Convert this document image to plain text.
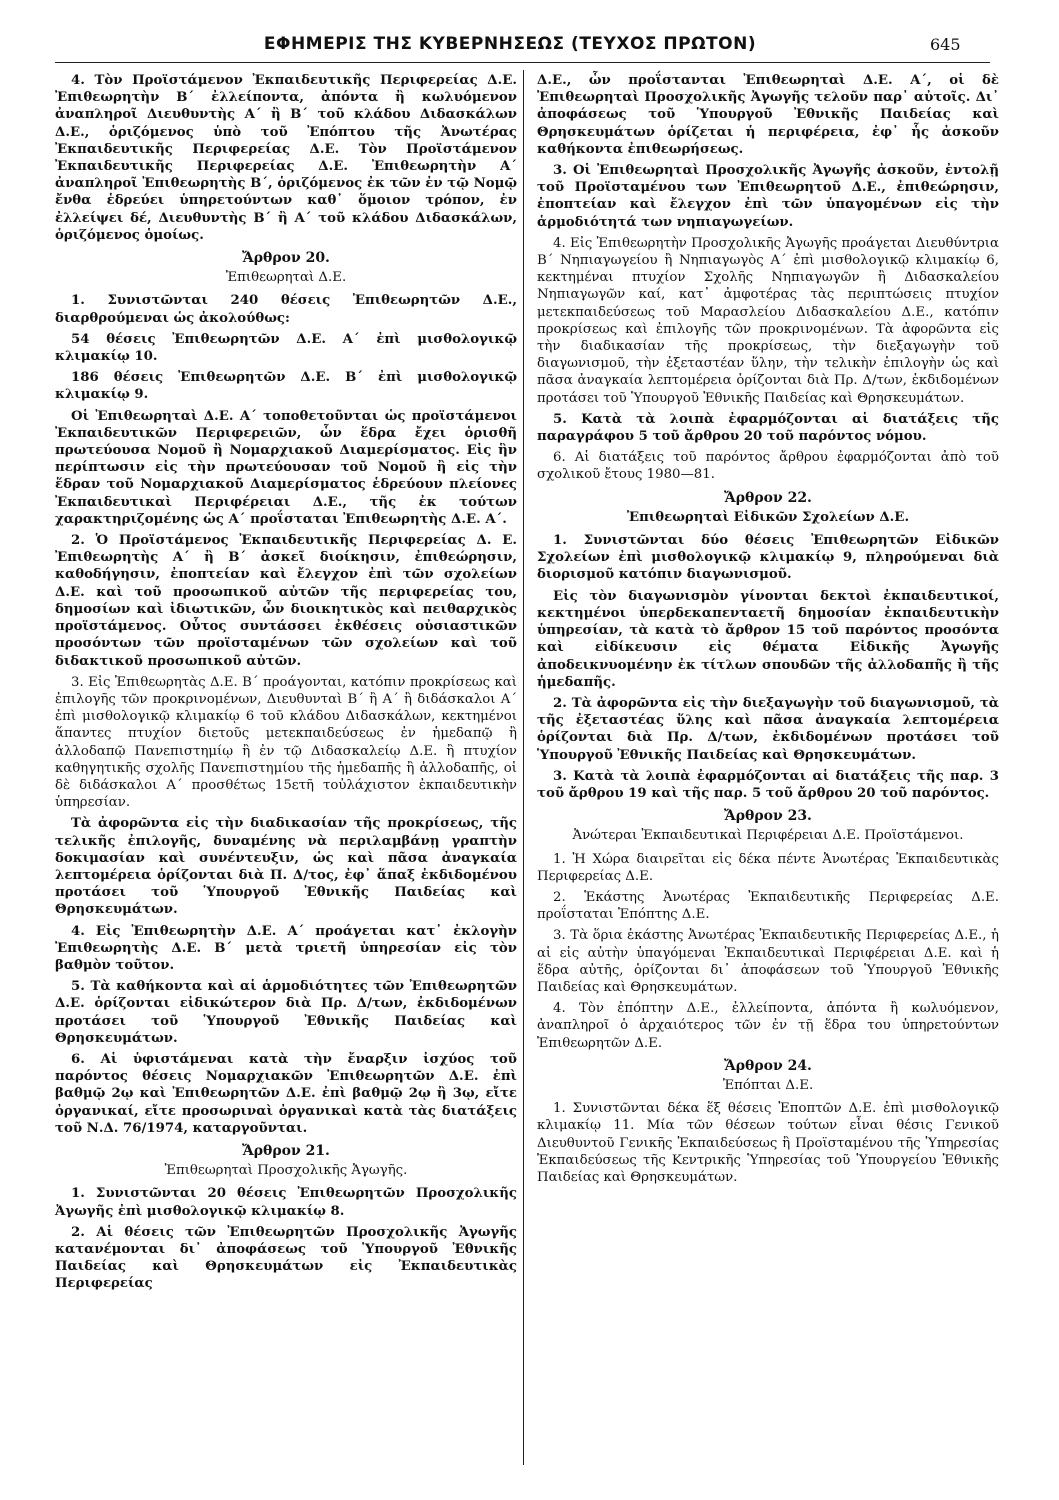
ΕΦΗΜΕΡΙΣ ΤΗΣ ΚΥΒΕΡΝΗΣΕΩΣ (ΤΕΥΧΟΣ ΠΡΩΤΟΝ)	645

4. Τὸν Προϊστάμενον Ἐκπαιδευτικῆς Περιφερείας Δ.Ε. Ἐπιθεωρητὴν Β΄ ἐλλείποντα, ἀπόντα ἢ κωλυόμενον ἀναπληροῖ Διευθυντὴς Α΄ ἢ Β΄ τοῦ κλάδου Διδασκάλων Δ.Ε., ὁριζόμενος ὑπὸ τοῦ Ἐπόπτου τῆς Ἀνωτέρας Ἐκπαιδευτικῆς Περιφερείας Δ.Ε. Τὸν Προϊστάμενον Ἐκπαιδευτικῆς Περιφερείας Δ.Ε. Ἐπιθεωρητὴν Α΄ ἀναπληροῖ Ἐπιθεωρητὴς Β΄, ὁριζόμενος ἐκ τῶν ἐν τῷ Νομῷ ἔνθα ἑδρεύει ὑπηρετούντων καθ᾽ ὅμοιον τρόπον, ἐν ἐλλείψει δέ, Διευθυντὴς Β΄ ἢ Α΄ τοῦ κλάδου Διδασκάλων, ὁριζόμενος ὁμοίως.

Ἄρθρον 20.
Ἐπιθεωρηταὶ Δ.Ε.

1. Συνιστῶνται 240 θέσεις Ἐπιθεωρητῶν Δ.Ε., διαρθρούμεναι ὡς ἀκολούθως:

54 θέσεις Ἐπιθεωρητῶν Δ.Ε. Α΄ ἐπὶ μισθολογικῷ κλιμακίῳ 10.

186 θέσεις Ἐπιθεωρητῶν Δ.Ε. Β΄ ἐπὶ μισθολογικῷ κλιμακίῳ 9.

Οἱ Ἐπιθεωρηταὶ Δ.Ε. Α΄ τοποθετοῦνται ὡς προϊστάμενοι Ἐκπαιδευτικῶν Περιφερειῶν, ὧν ἕδρα ἔχει ὁρισθῆ πρωτεύουσα Νομοῦ ἢ Νομαρχιακοῦ Διαμερίσματος. Εἰς ἣν περίπτωσιν εἰς τὴν πρωτεύουσαν τοῦ Νομοῦ ἢ εἰς τὴν ἕδραν τοῦ Νομαρχιακοῦ Διαμερίσματος ἑδρεύουν πλείονες Ἐκπαιδευτικαὶ Περιφέρειαι Δ.Ε., τῆς ἐκ τούτων χαρακτηριζομένης ὡς Α΄ προΐσταται Ἐπιθεωρητὴς Δ.Ε. Α΄.

2. Ὁ Προϊστάμενος Ἐκπαιδευτικῆς Περιφερείας Δ. Ε. Ἐπιθεωρητὴς Α΄ ἢ Β΄ ἀσκεῖ διοίκησιν, ἐπιθεώρησιν, καθοδήγησιν, ἐποπτείαν καὶ ἔλεγχον ἐπὶ τῶν σχολείων Δ.Ε. καὶ τοῦ προσωπικοῦ αὐτῶν τῆς περιφερείας του, δημοσίων καὶ ἰδιωτικῶν, ὧν διοικητικὸς καὶ πειθαρχικὸς προϊστάμενος. Οὗτος συντάσσει ἐκθέσεις οὐσιαστικῶν προσόντων τῶν προϊσταμένων τῶν σχολείων καὶ τοῦ διδακτικοῦ προσωπικοῦ αὐτῶν.

3. Εἰς Ἐπιθεωρητὰς Δ.Ε. Β΄ προάγονται, κατόπιν προκρίσεως καὶ ἐπιλογῆς τῶν προκρινομένων, Διευθυνταὶ Β΄ ἢ Α΄ ἢ διδάσκαλοι Α΄ ἐπὶ μισθολογικῷ κλιμακίῳ 6 τοῦ κλάδου Διδασκάλων, κεκτημένοι ἅπαντες πτυχίον διετοῦς μετεκπαιδεύσεως ἐν ἡμεδαπῷ ἢ ἀλλοδαπῷ Πανεπιστημίῳ ἢ ἐν τῷ Διδασκαλείῳ Δ.Ε. ἢ πτυχίον καθηγητικῆς σχολῆς Πανεπιστημίου τῆς ἡμεδαπῆς ἢ ἀλλοδαπῆς, οἱ δὲ διδάσκαλοι Α΄ προσθέτως 15ετῆ τοὐλάχιστον ἐκπαιδευτικὴν ὑπηρεσίαν.

Τὰ ἀφορῶντα εἰς τὴν διαδικασίαν τῆς προκρίσεως, τῆς τελικῆς ἐπιλογῆς, δυναμένης νὰ περιλαμβάνῃ γραπτὴν δοκιμασίαν καὶ συνέντευξιν, ὡς καὶ πᾶσα ἀναγκαία λεπτομέρεια ὁρίζονται διὰ Π. Δ/τος, ἐφ᾽ ἅπαξ ἐκδιδομένου προτάσει τοῦ Ὑπουργοῦ Ἐθνικῆς Παιδείας καὶ Θρησκευμάτων.

4. Εἰς Ἐπιθεωρητὴν Δ.Ε. Α΄ προάγεται κατ᾽ ἐκλογὴν Ἐπιθεωρητὴς Δ.Ε. Β΄ μετὰ τριετῆ ὑπηρεσίαν εἰς τὸν βαθμὸν τοῦτον.

5. Τὰ καθήκοντα καὶ αἱ ἁρμοδιότητες τῶν Ἐπιθεωρητῶν Δ.Ε. ὁρίζονται εἰδικώτερον διὰ Πρ. Δ/των, ἐκδιδομένων προτάσει τοῦ Ὑπουργοῦ Ἐθνικῆς Παιδείας καὶ Θρησκευμάτων.

6. Αἱ ὑφιστάμεναι κατὰ τὴν ἔναρξιν ἰσχύος τοῦ παρόντος θέσεις Νομαρχιακῶν Ἐπιθεωρητῶν Δ.Ε. ἐπὶ βαθμῷ 2ῳ καὶ Ἐπιθεωρητῶν Δ.Ε. ἐπὶ βαθμῷ 2ῳ ἢ 3ῳ, εἴτε ὀργανικαί, εἴτε προσωριναὶ ὀργανικαὶ κατὰ τὰς διατάξεις τοῦ Ν.Δ. 76/1974, καταργοῦνται.

Ἄρθρον 21.
Ἐπιθεωρηταὶ Προσχολικῆς Ἀγωγῆς.

1. Συνιστῶνται 20 θέσεις Ἐπιθεωρητῶν Προσχολικῆς Ἀγωγῆς ἐπὶ μισθολογικῷ κλιμακίῳ 8.

2. Αἱ θέσεις τῶν Ἐπιθεωρητῶν Προσχολικῆς Ἀγωγῆς κατανέμονται δι᾽ ἀποφάσεως τοῦ Ὑπουργοῦ Ἐθνικῆς Παιδείας καὶ Θρησκευμάτων εἰς Ἐκπαιδευτικὰς Περιφερείας

Δ.Ε., ὧν προΐστανται Ἐπιθεωρηταὶ Δ.Ε. Α΄, οἱ δὲ Ἐπιθεωρηταὶ Προσχολικῆς Ἀγωγῆς τελοῦν παρ᾽ αὐτοῖς. Δι᾽ ἀποφάσεως τοῦ Ὑπουργοῦ Ἐθνικῆς Παιδείας καὶ Θρησκευμάτων ὁρίζεται ἡ περιφέρεια, ἐφ᾽ ἧς ἀσκοῦν καθήκοντα ἐπιθεωρήσεως.

3. Οἱ Ἐπιθεωρηταὶ Προσχολικῆς Ἀγωγῆς ἀσκοῦν, ἐντολῇ τοῦ Προϊσταμένου των Ἐπιθεωρητοῦ Δ.Ε., ἐπιθεώρησιν, ἐποπτείαν καὶ ἔλεγχον ἐπὶ τῶν ὑπαγομένων εἰς τὴν ἁρμοδιότητά των νηπιαγωγείων.

4. Εἰς Ἐπιθεωρητὴν Προσχολικῆς Ἀγωγῆς προάγεται Διευθύντρια Β΄ Νηπιαγωγείου ἢ Νηπιαγωγὸς Α΄ ἐπὶ μισθολογικῷ κλιμακίῳ 6, κεκτημέναι πτυχίον Σχολῆς Νηπιαγωγῶν ἢ Διδασκαλείου Νηπιαγωγῶν καί, κατ᾽ ἀμφοτέρας τὰς περιπτώσεις πτυχίον μετεκπαιδεύσεως τοῦ Μαρασλείου Διδασκαλείου Δ.Ε., κατόπιν προκρίσεως καὶ ἐπιλογῆς τῶν προκρινομένων. Τὰ ἀφορῶντα εἰς τὴν διαδικασίαν τῆς προκρίσεως, τὴν διεξαγωγὴν τοῦ διαγωνισμοῦ, τὴν ἐξεταστέαν ὕλην, τὴν τελικὴν ἐπιλογὴν ὡς καὶ πᾶσα ἀναγκαία λεπτομέρεια ὁρίζονται διὰ Πρ. Δ/των, ἐκδιδομένων προτάσει τοῦ Ὑπουργοῦ Ἐθνικῆς Παιδείας καὶ Θρησκευμάτων.

5. Κατὰ τὰ λοιπὰ ἐφαρμόζονται αἱ διατάξεις τῆς παραγράφου 5 τοῦ ἄρθρου 20 τοῦ παρόντος νόμου.

6. Αἱ διατάξεις τοῦ παρόντος ἄρθρου ἐφαρμόζονται ἀπὸ τοῦ σχολικοῦ ἔτους 1980—81.

Ἄρθρον 22.
Ἐπιθεωρηταὶ Εἰδικῶν Σχολείων Δ.Ε.

1. Συνιστῶνται δύο θέσεις Ἐπιθεωρητῶν Εἰδικῶν Σχολείων ἐπὶ μισθολογικῷ κλιμακίῳ 9, πληρούμεναι διὰ διορισμοῦ κατόπιν διαγωνισμοῦ.

Εἰς τὸν διαγωνισμὸν γίνονται δεκτοὶ ἐκπαιδευτικοί, κεκτημένοι ὑπερδεκαπενταετῆ δημοσίαν ἐκπαιδευτικὴν ὑπηρεσίαν, τὰ κατὰ τὸ ἄρθρον 15 τοῦ παρόντος προσόντα καὶ εἰδίκευσιν εἰς θέματα Εἰδικῆς Ἀγωγῆς ἀποδεικνυομένην ἐκ τίτλων σπουδῶν τῆς ἀλλοδαπῆς ἢ τῆς ἡμεδαπῆς.

2. Τὰ ἀφορῶντα εἰς τὴν διεξαγωγὴν τοῦ διαγωνισμοῦ, τὰ τῆς ἐξεταστέας ὕλης καὶ πᾶσα ἀναγκαία λεπτομέρεια ὁρίζονται διὰ Πρ. Δ/των, ἐκδιδομένων προτάσει τοῦ Ὑπουργοῦ Ἐθνικῆς Παιδείας καὶ Θρησκευμάτων.

3. Κατὰ τὰ λοιπὰ ἐφαρμόζονται αἱ διατάξεις τῆς παρ. 3 τοῦ ἄρθρου 19 καὶ τῆς παρ. 5 τοῦ ἄρθρου 20 τοῦ παρόντος.

Ἄρθρον 23.
Ἀνώτεραι Ἐκπαιδευτικαὶ Περιφέρειαι Δ.Ε. Προϊστάμενοι.

1. Ἡ Χώρα διαιρεῖται εἰς δέκα πέντε Ἀνωτέρας Ἐκπαιδευτικὰς Περιφερείας Δ.Ε.

2. Ἑκάστης Ἀνωτέρας Ἐκπαιδευτικῆς Περιφερείας Δ.Ε. προΐσταται Ἐπόπτης Δ.Ε.

3. Τὰ ὅρια ἑκάστης Ἀνωτέρας Ἐκπαιδευτικῆς Περιφερείας Δ.Ε., ἡ αἱ εἰς αὐτὴν ὑπαγόμεναι Ἐκπαιδευτικαὶ Περιφέρειαι Δ.Ε. καὶ ἡ ἕδρα αὐτῆς, ὁρίζονται δι᾽ ἀποφάσεων τοῦ Ὑπουργοῦ Ἐθνικῆς Παιδείας καὶ Θρησκευμάτων.

4. Τὸν ἐπόπτην Δ.Ε., ἐλλείποντα, ἀπόντα ἢ κωλυόμενον, ἀναπληροῖ ὁ ἀρχαιότερος τῶν ἐν τῇ ἕδρα του ὑπηρετούντων Ἐπιθεωρητῶν Δ.Ε.

Ἄρθρον 24.
Ἐπόπται Δ.Ε.

1. Συνιστῶνται δέκα ἕξ θέσεις Ἐποπτῶν Δ.Ε. ἐπὶ μισθολογικῷ κλιμακίῳ 11. Μία τῶν θέσεων τούτων εἶναι θέσις Γενικοῦ Διευθυντοῦ Γενικῆς Ἐκπαιδεύσεως ἢ Προϊσταμένου τῆς Ὑπηρεσίας Ἐκπαιδεύσεως τῆς Κεντρικῆς Ὑπηρεσίας τοῦ Ὑπουργείου Ἐθνικῆς Παιδείας καὶ Θρησκευμάτων.
